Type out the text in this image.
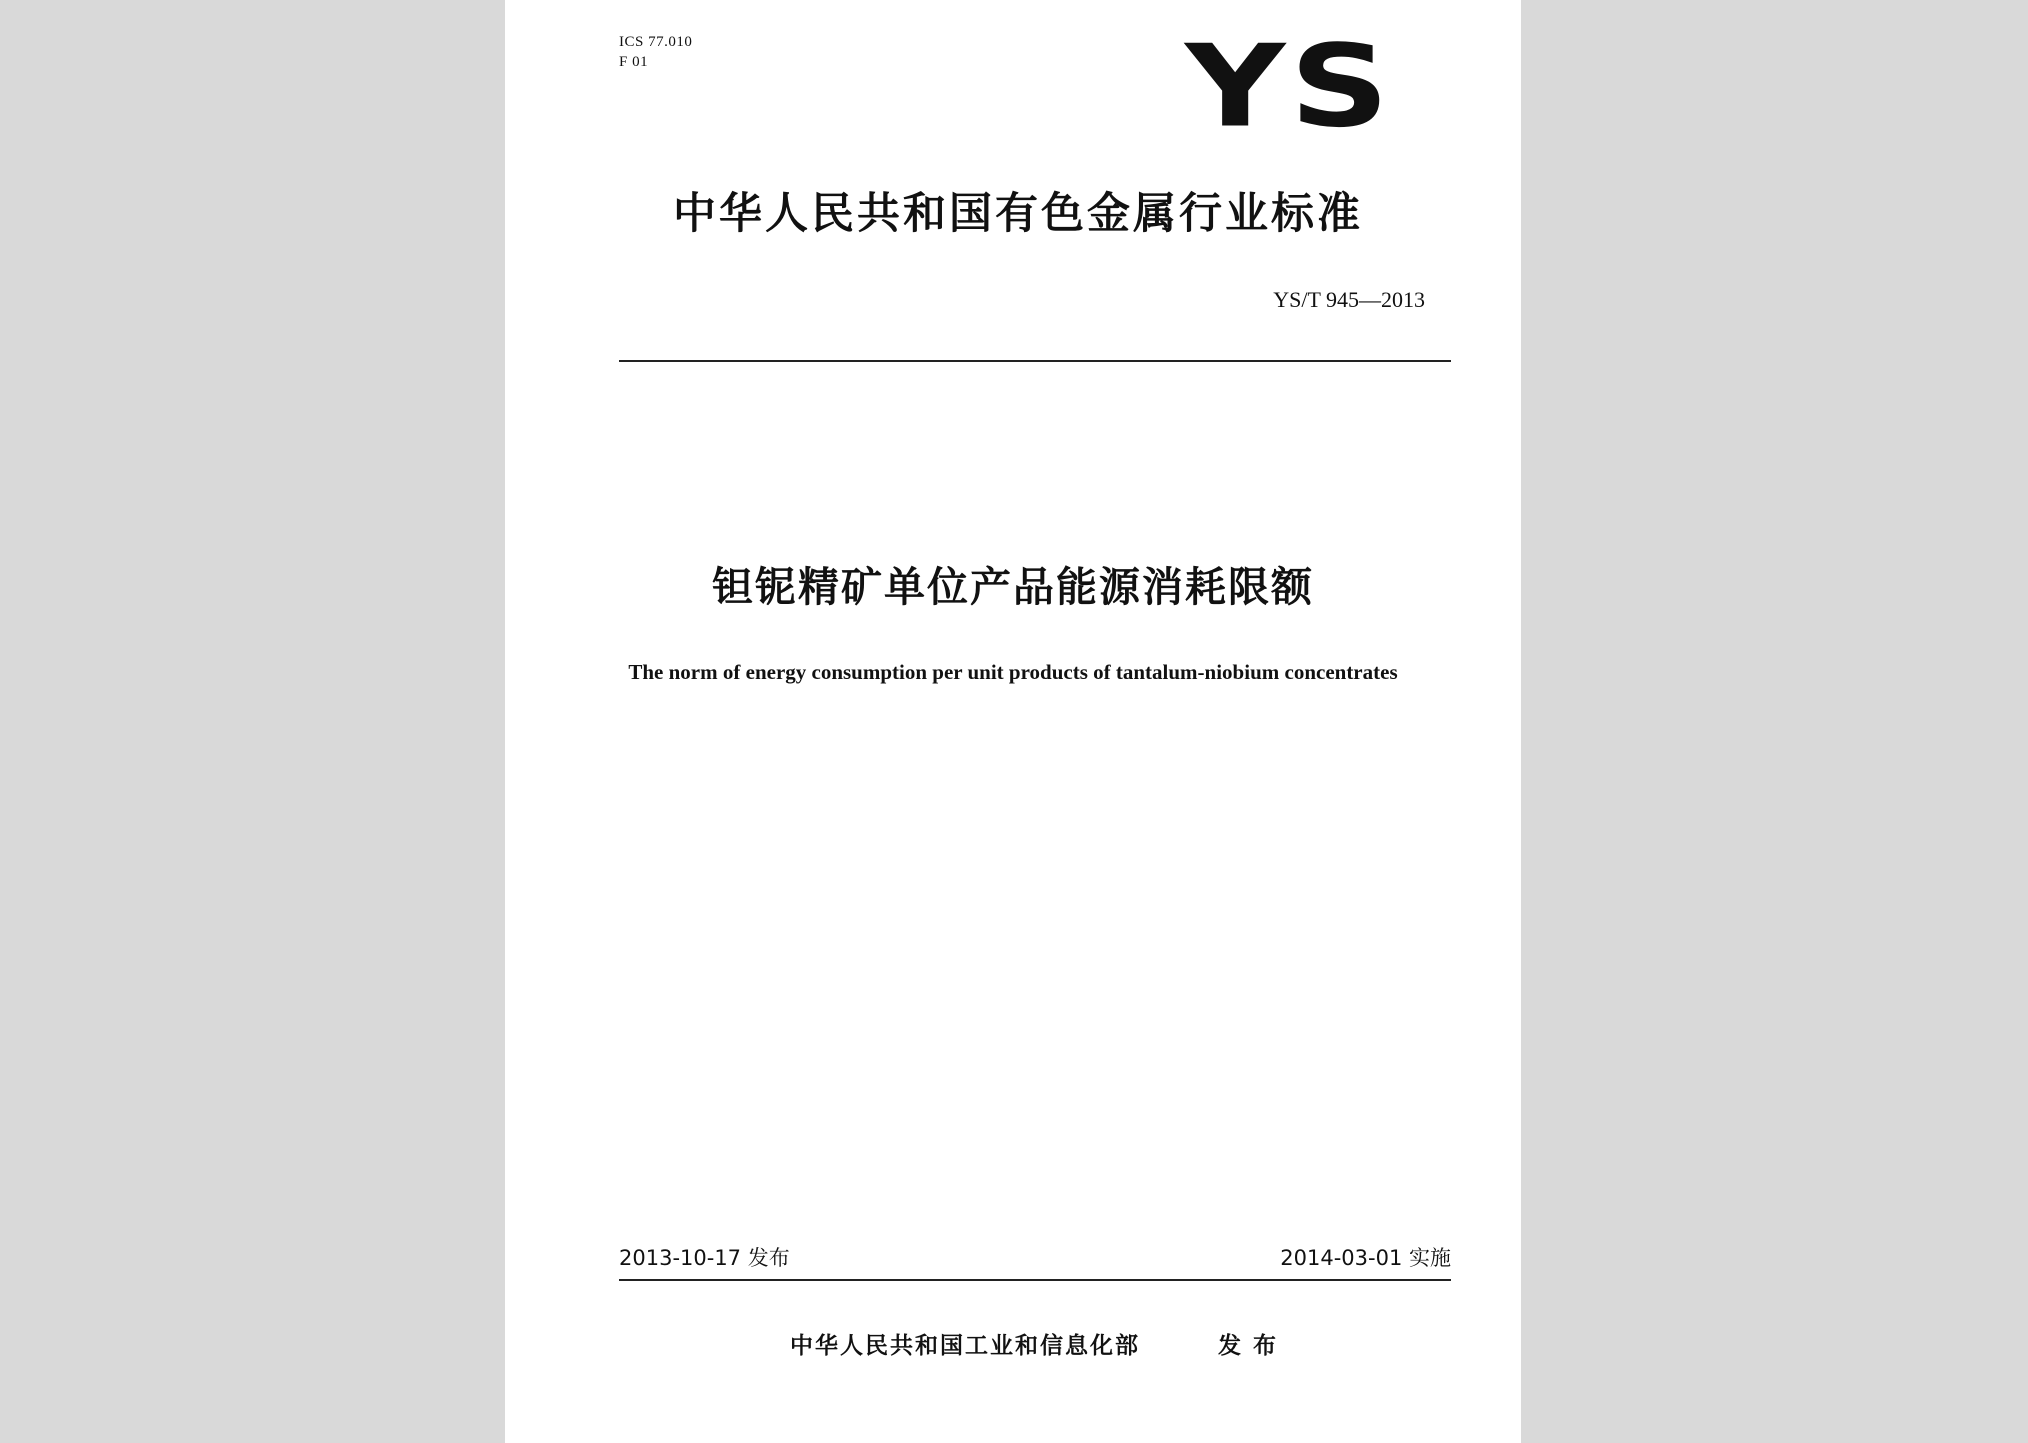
ICS 77.010
F 01	YS
中华人民共和国有色金属行业标准
YS/T 945—2013
钽铌精矿单位产品能源消耗限额
The norm of energy consumption per unit products of tantalum-niobium concentrates
2013-10-17 发布	2014-03-01 实施
中华人民共和国工业和信息化部	发布
